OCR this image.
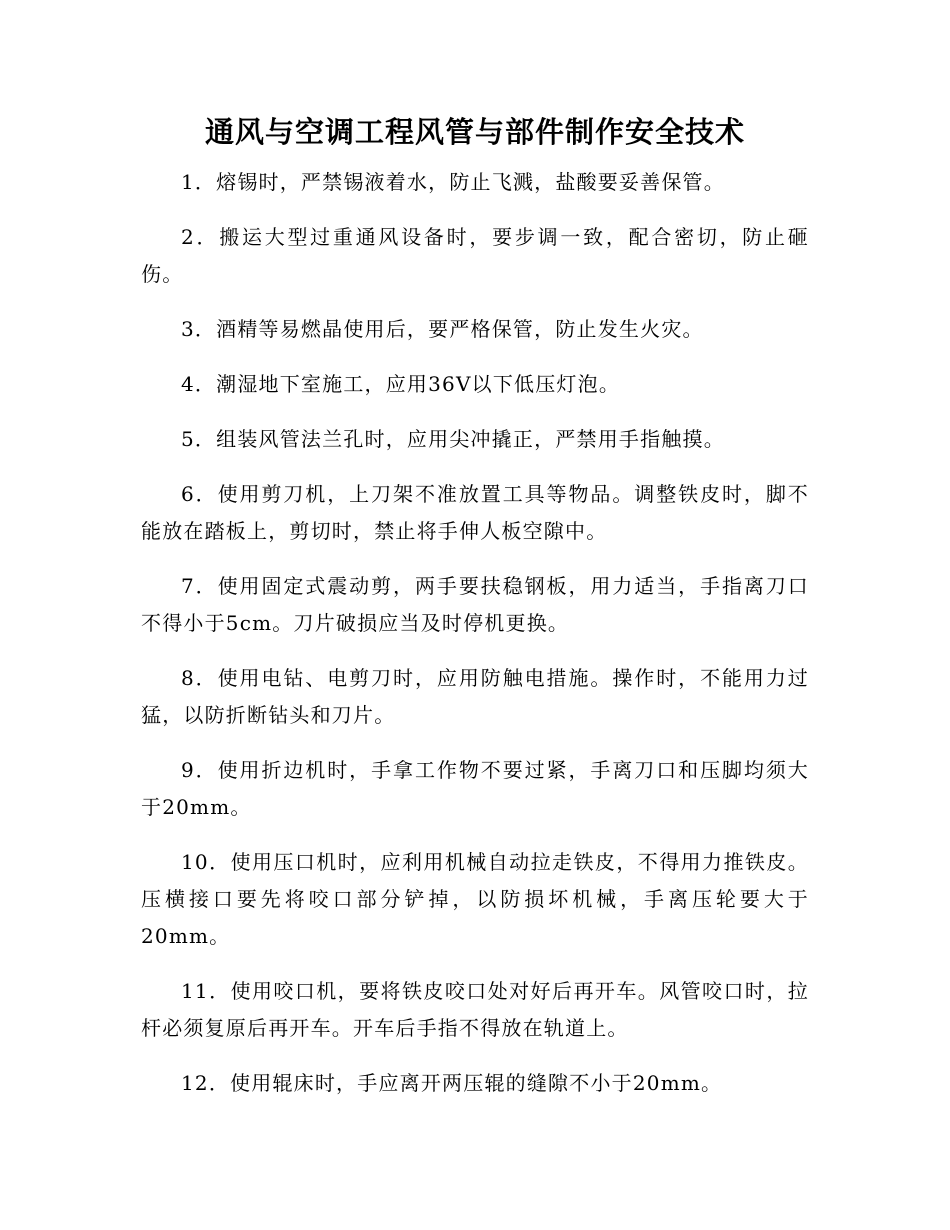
通风与空调工程风管与部件制作安全技术

1．熔锡时，严禁锡液着水，防止飞溅，盐酸要妥善保管。

2．搬运大型过重通风设备时，要步调一致，配合密切，防止砸伤。

3．酒精等易燃晶使用后，要严格保管，防止发生火灾。

4．潮湿地下室施工，应用36V以下低压灯泡。

5．组装风管法兰孔时，应用尖冲撬正，严禁用手指触摸。

6．使用剪刀机，上刀架不准放置工具等物品。调整铁皮时，脚不能放在踏板上，剪切时，禁止将手伸人板空隙中。

7．使用固定式震动剪，两手要扶稳钢板，用力适当，手指离刀口不得小于5cm。刀片破损应当及时停机更换。

8．使用电钻、电剪刀时，应用防触电措施。操作时，不能用力过猛，以防折断钻头和刀片。

9．使用折边机时，手拿工作物不要过紧，手离刀口和压脚均须大于20mm。

10．使用压口机时，应利用机械自动拉走铁皮，不得用力推铁皮。压横接口要先将咬口部分铲掉，以防损坏机械，手离压轮要大于20mm。

11．使用咬口机，要将铁皮咬口处对好后再开车。风管咬口时，拉杆必须复原后再开车。开车后手指不得放在轨道上。

12．使用辊床时，手应离开两压辊的缝隙不小于20mm。
